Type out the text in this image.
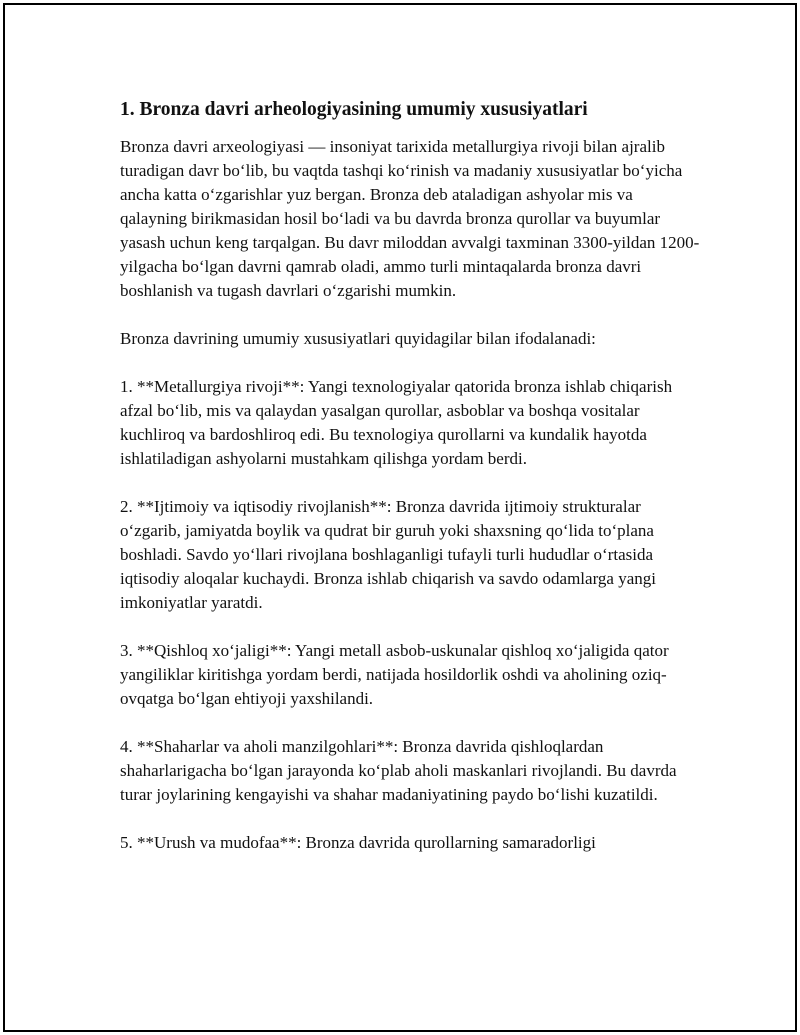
1. Bronza davri arheologiyasining umumiy xususiyatlari

Bronza davri arxeologiyasi — insoniyat tarixida metallurgiya rivoji bilan ajralib turadigan davr bo‘lib, bu vaqtda tashqi ko‘rinish va madaniy xususiyatlar bo‘yicha ancha katta o‘zgarishlar yuz bergan. Bronza deb ataladigan ashyolar mis va qalayning birikmasidan hosil bo‘ladi va bu davrda bronza qurollar va buyumlar yasash uchun keng tarqalgan. Bu davr miloddan avvalgi taxminan 3300-yildan 1200-yilgacha bo‘lgan davrni qamrab oladi, ammo turli mintaqalarda bronza davri boshlanish va tugash davrlari o‘zgarishi mumkin.

Bronza davrining umumiy xususiyatlari quyidagilar bilan ifodalanadi:

1. **Metallurgiya rivoji**: Yangi texnologiyalar qatorida bronza ishlab chiqarish afzal bo‘lib, mis va qalaydan yasalgan qurollar, asboblar va boshqa vositalar kuchliroq va bardoshliroq edi. Bu texnologiya qurollarni va kundalik hayotda ishlatiladigan ashyolarni mustahkam qilishga yordam berdi.

2. **Ijtimoiy va iqtisodiy rivojlanish**: Bronza davrida ijtimoiy strukturalar o‘zgarib, jamiyatda boylik va qudrat bir guruh yoki shaxsning qo‘lida to‘plana boshladi. Savdo yo‘llari rivojlana boshlaganligi tufayli turli hududlar o‘rtasida iqtisodiy aloqalar kuchaydi. Bronza ishlab chiqarish va savdo odamlarga yangi imkoniyatlar yaratdi.

3. **Qishloq xo‘jaligi**: Yangi metall asbob-uskunalar qishloq xo‘jaligida qator yangiliklar kiritishga yordam berdi, natijada hosildorlik oshdi va aholining oziq-ovqatga bo‘lgan ehtiyoji yaxshilandi.

4. **Shaharlar va aholi manzilgohlari**: Bronza davrida qishloqlardan shaharlarigacha bo‘lgan jarayonda ko‘plab aholi maskanlari rivojlandi. Bu davrda turar joylarining kengayishi va shahar madaniyatining paydo bo‘lishi kuzatildi.

5. **Urush va mudofaa**: Bronza davrida qurollarning samaradorligi
